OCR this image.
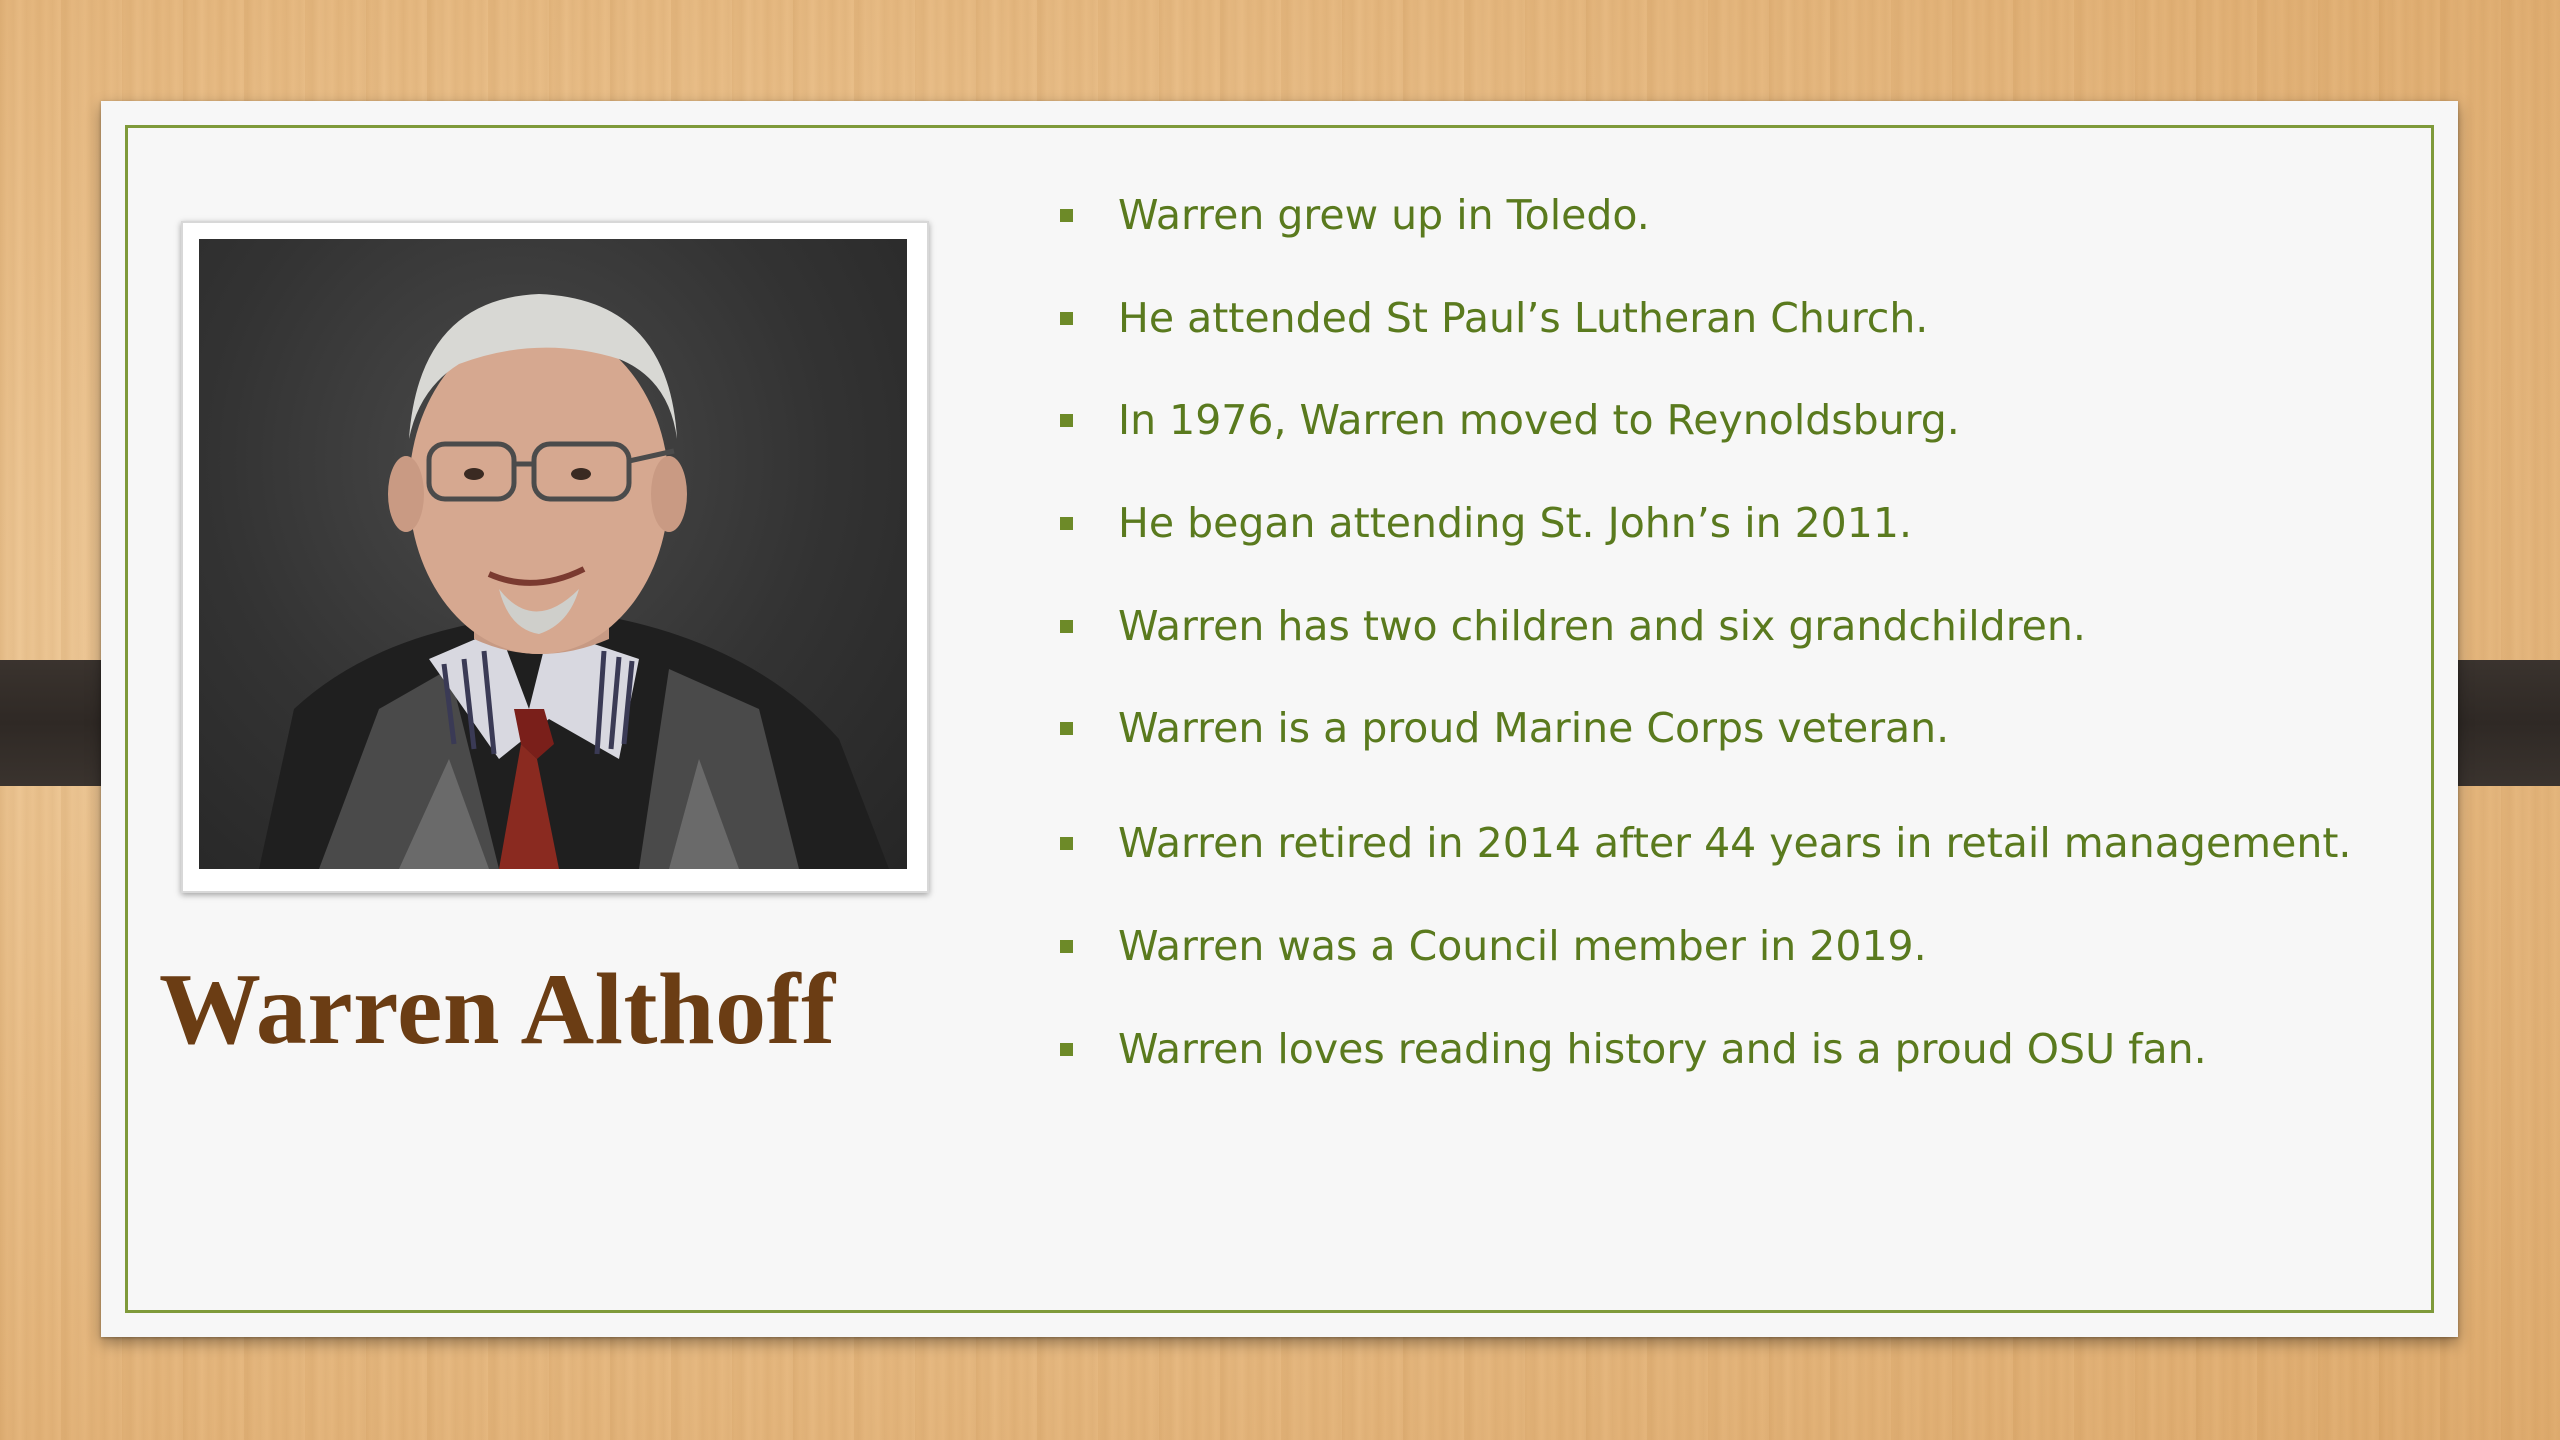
Warren Althoff
Warren grew up in Toledo.
He attended St Paul’s Lutheran Church.
In 1976, Warren moved to Reynoldsburg.
He began attending St. John’s in 2011.
Warren has two children and six grandchildren.
Warren is a proud Marine Corps veteran.
Warren retired in 2014 after 44 years in retail management.
Warren was a Council member in 2019.
Warren loves reading history and is a proud OSU fan.
